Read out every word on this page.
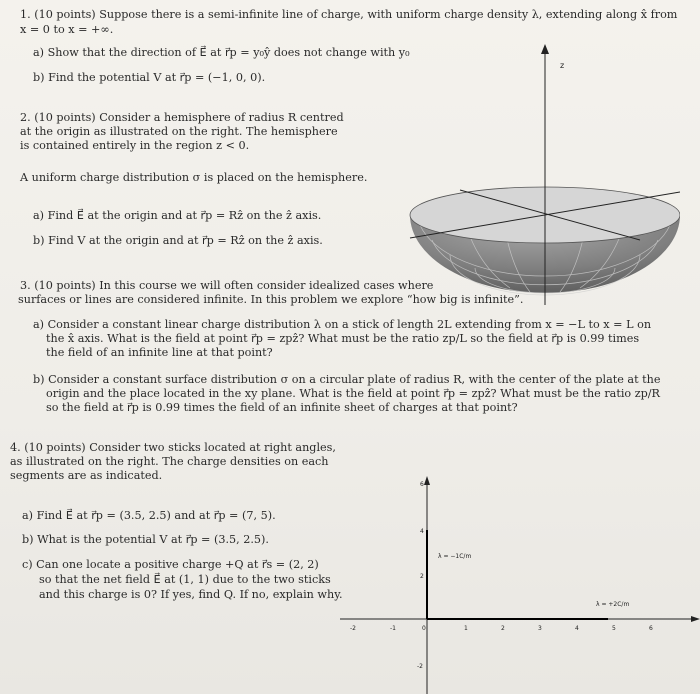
1. (10 points) Suppose there is a semi-infinite line of charge, with uniform charge density λ, extending along x̂ from
x = 0 to x = +∞.
a) Show that the direction of E⃗ at r⃗p = y₀ŷ does not change with y₀
b) Find the potential V at r⃗p = (−1, 0, 0).
2. (10 points) Consider a hemisphere of radius R centred
at the origin as illustrated on the right. The hemisphere
is contained entirely in the region z < 0.
A uniform charge distribution σ is placed on the hemisphere.
a) Find E⃗ at the origin and at r⃗p = Rẑ on the ẑ axis.
b) Find V at the origin and at r⃗p = Rẑ on the ẑ axis.
z
3. (10 points) In this course we will often consider idealized cases where
surfaces or lines are considered infinite. In this problem we explore “how big is infinite”.
a) Consider a constant linear charge distribution λ on a stick of length 2L extending from x = −L to x = L on
the x̂ axis. What is the field at point r⃗p = zpẑ? What must be the ratio zp/L so the field at r⃗p is 0.99 times
the field of an infinite line at that point?
b) Consider a constant surface distribution σ on a circular plate of radius R, with the center of the plate at the
origin and the place located in the xy plane. What is the field at point r⃗p = zpẑ? What must be the ratio zp/R
so the field at r⃗p is 0.99 times the field of an infinite sheet of charges at that point?
4. (10 points) Consider two sticks located at right angles,
as illustrated on the right. The charge densities on each
segments are as indicated.
a) Find E⃗ at r⃗p = (3.5, 2.5) and at r⃗p = (7, 5).
b) What is the potential V at r⃗p = (3.5, 2.5).
c) Can one locate a positive charge +Q at r⃗s = (2, 2)
so that the net field E⃗ at (1, 1) due to the two sticks
and this charge is 0? If yes, find Q. If no, explain why.
-2	-1	0	1	2	3	4	5	6
6
4
2
-2
λ = −1C/m
λ = +2C/m
